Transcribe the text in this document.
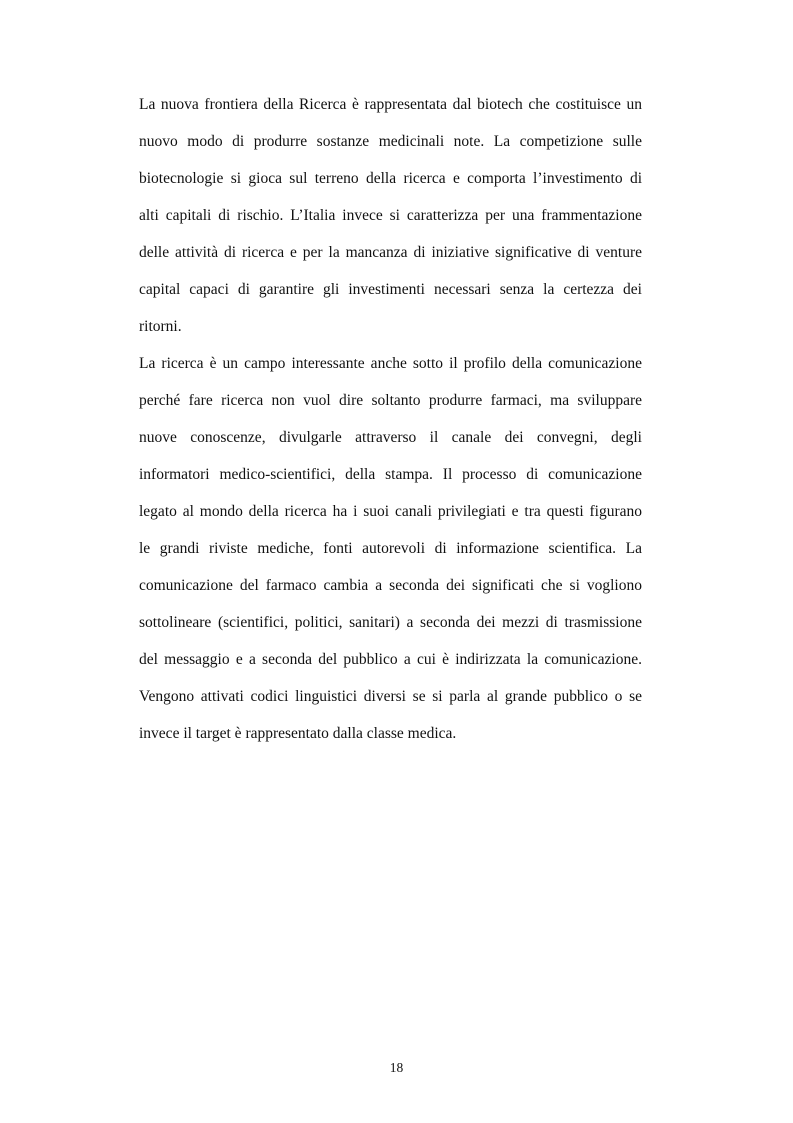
La nuova frontiera della Ricerca è rappresentata dal biotech che costituisce un
nuovo modo di produrre sostanze medicinali note. La competizione sulle
biotecnologie si gioca sul terreno della ricerca e comporta l’investimento di
alti capitali di rischio. L’Italia invece si caratterizza per una frammentazione
delle attività di ricerca e per la mancanza di iniziative significative di venture
capital capaci di garantire gli investimenti necessari senza la certezza dei
ritorni.
La ricerca è un campo interessante anche sotto il profilo della comunicazione
perché fare ricerca non vuol dire soltanto produrre farmaci, ma sviluppare
nuove conoscenze, divulgarle attraverso il canale dei convegni, degli
informatori medico-scientifici, della stampa. Il processo di comunicazione
legato al mondo della ricerca ha i suoi canali privilegiati e tra questi figurano
le grandi riviste mediche, fonti autorevoli di informazione scientifica. La
comunicazione del farmaco cambia a seconda dei significati che si vogliono
sottolineare (scientifici, politici, sanitari) a seconda dei mezzi di trasmissione
del messaggio e a seconda del pubblico a cui è indirizzata la comunicazione.
Vengono attivati codici linguistici diversi se si parla al grande pubblico o se
invece il target è rappresentato dalla classe medica.
18
